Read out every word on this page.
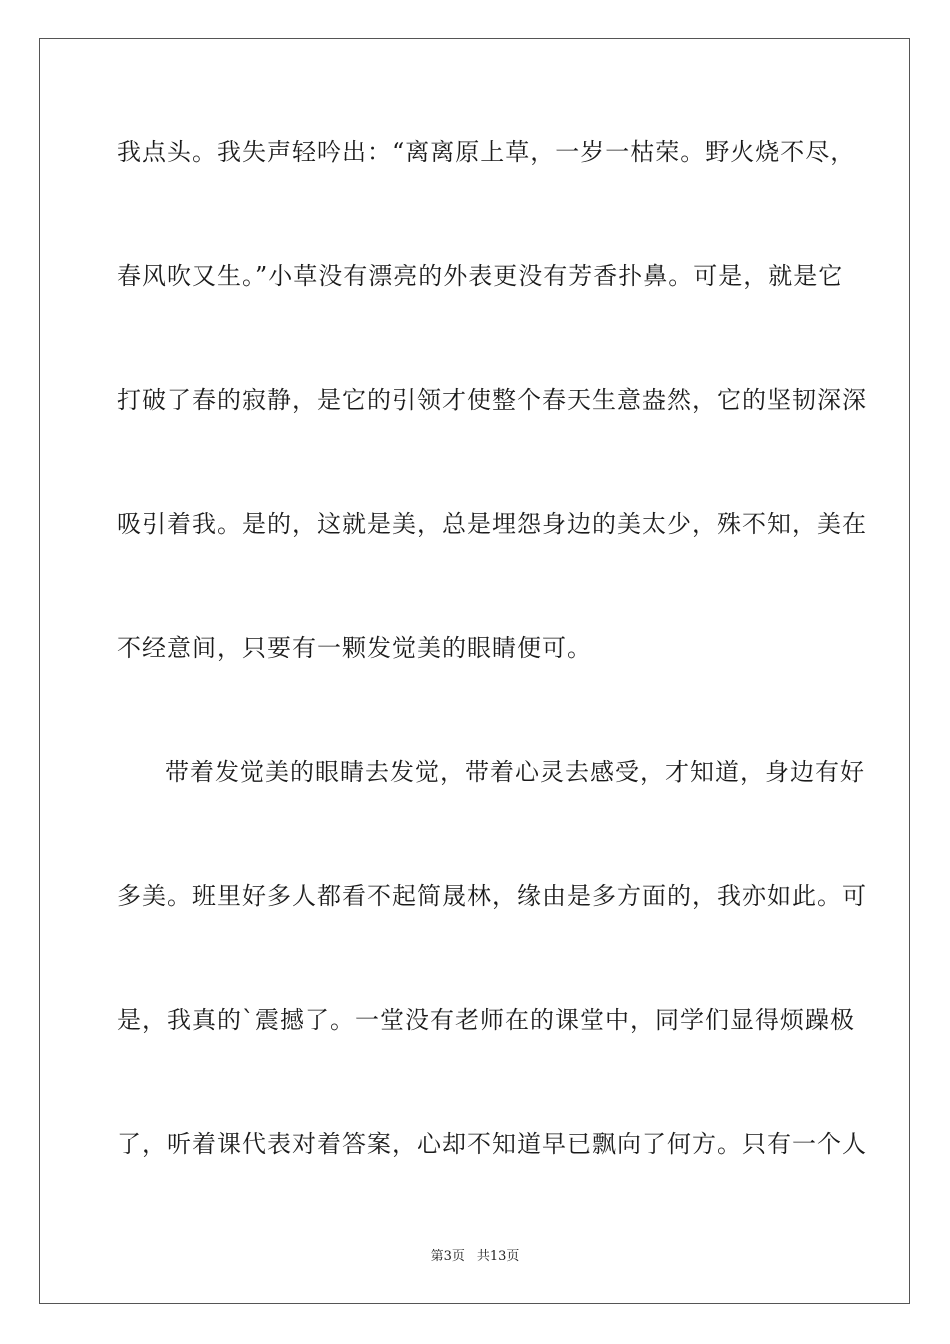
我点头。我失声轻吟出：“离离原上草，一岁一枯荣。野火烧不尽，
春风吹又生。”小草没有漂亮的外表更没有芳香扑鼻。可是，就是它
打破了春的寂静，是它的引领才使整个春天生意盎然，它的坚韧深深
吸引着我。是的，这就是美，总是埋怨身边的美太少，殊不知，美在
不经意间，只要有一颗发觉美的眼睛便可。
带着发觉美的眼睛去发觉，带着心灵去感受，才知道，身边有好
多美。班里好多人都看不起简晟林，缘由是多方面的，我亦如此。可
是，我真的`震撼了。一堂没有老师在的课堂中，同学们显得烦躁极
了，听着课代表对着答案，心却不知道早已飘向了何方。只有一个人
第3页 共13页
